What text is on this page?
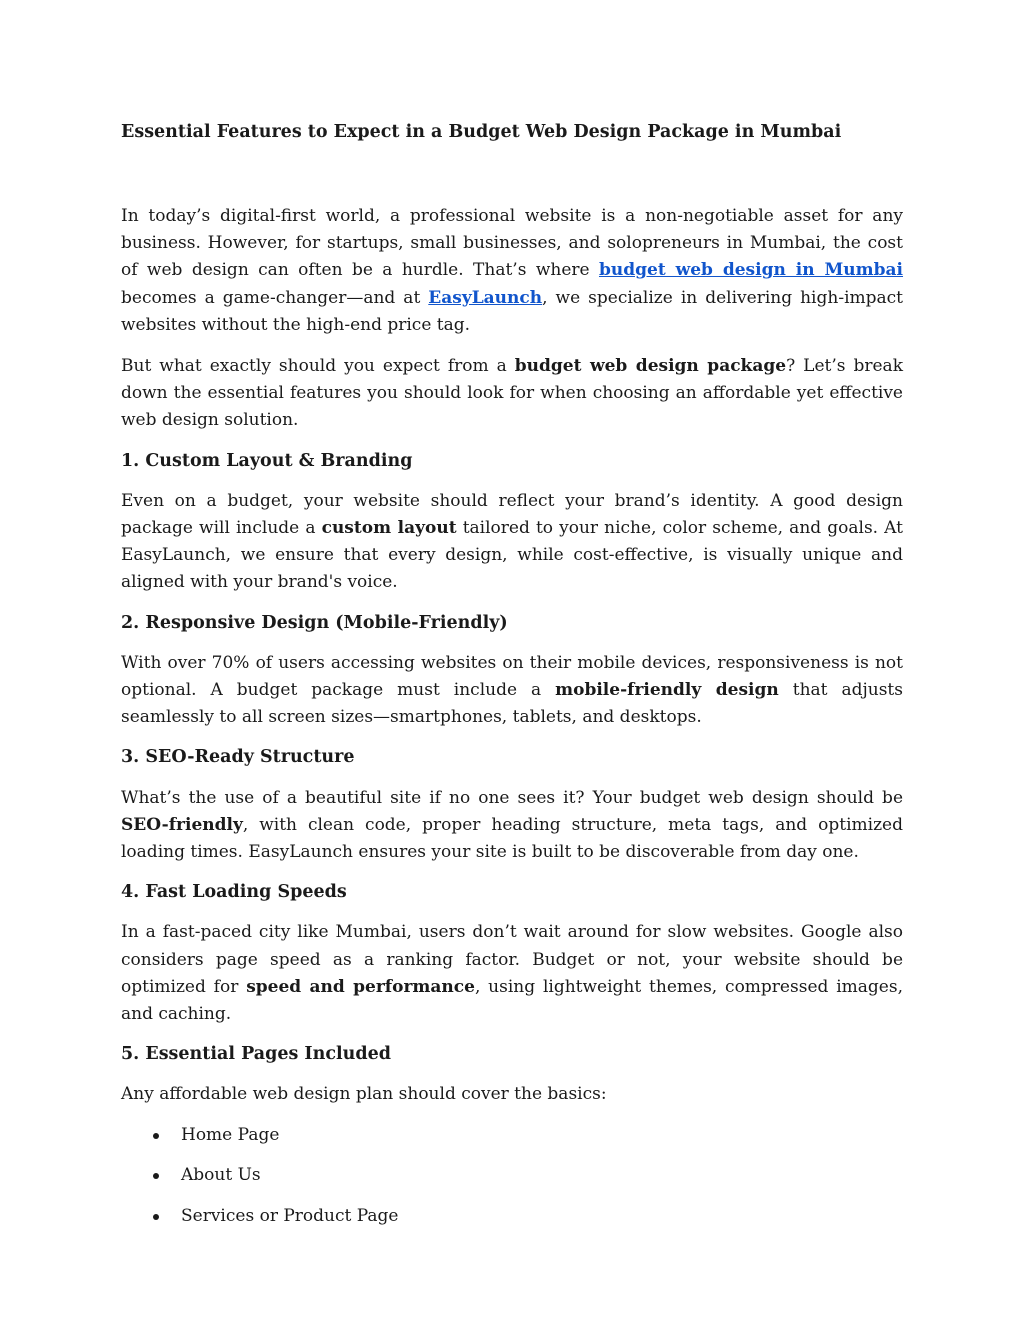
Essential Features to Expect in a Budget Web Design Package in Mumbai

In today’s digital-first world, a professional website is a non-negotiable asset for any business. However, for startups, small businesses, and solopreneurs in Mumbai, the cost of web design can often be a hurdle. That’s where budget web design in Mumbai becomes a game-changer—and at EasyLaunch, we specialize in delivering high-impact websites without the high-end price tag.

But what exactly should you expect from a budget web design package? Let’s break down the essential features you should look for when choosing an affordable yet effective web design solution.

1. Custom Layout & Branding

Even on a budget, your website should reflect your brand’s identity. A good design package will include a custom layout tailored to your niche, color scheme, and goals. At EasyLaunch, we ensure that every design, while cost-effective, is visually unique and aligned with your brand's voice.

2. Responsive Design (Mobile-Friendly)

With over 70% of users accessing websites on their mobile devices, responsiveness is not optional. A budget package must include a mobile-friendly design that adjusts seamlessly to all screen sizes—smartphones, tablets, and desktops.

3. SEO-Ready Structure

What’s the use of a beautiful site if no one sees it? Your budget web design should be SEO-friendly, with clean code, proper heading structure, meta tags, and optimized loading times. EasyLaunch ensures your site is built to be discoverable from day one.

4. Fast Loading Speeds

In a fast-paced city like Mumbai, users don’t wait around for slow websites. Google also considers page speed as a ranking factor. Budget or not, your website should be optimized for speed and performance, using lightweight themes, compressed images, and caching.

5. Essential Pages Included

Any affordable web design plan should cover the basics:

Home Page
About Us
Services or Product Page
